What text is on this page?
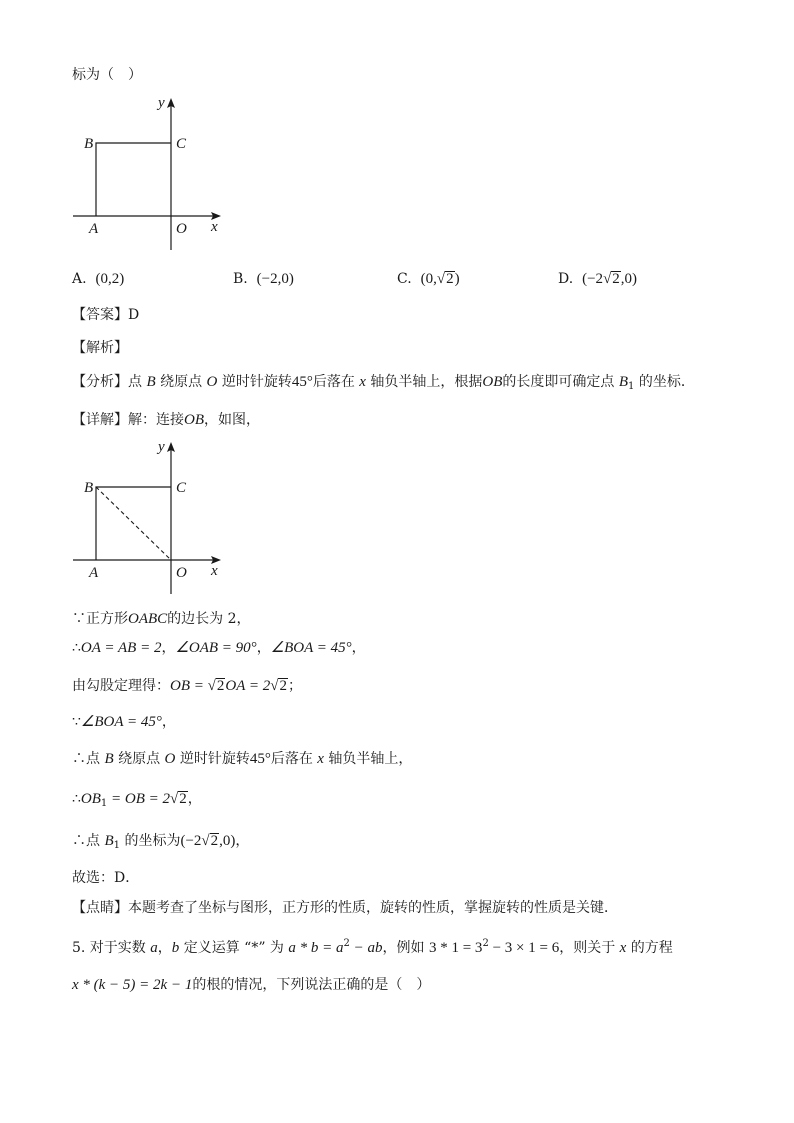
标为（　）
y
x
B	C
A	O
A. (0,2)	B. (−2,0)	C. (0,√2)	D. (−2√2,0)
【答案】D
【解析】
【分析】点 B 绕原点 O 逆时针旋转45°后落在 x 轴负半轴上，根据OB的长度即可确定点 $B_1$ 的坐标．
【详解】解：连接OB，如图，
y
x
B	C
A	O
∵正方形OABC的边长为 2，
∴OA = AB = 2，∠OAB = 90°，∠BOA = 45°，
由勾股定理得：OB = √2OA = 2√2；
∵∠BOA = 45°，
∴点 B 绕原点 O 逆时针旋转45°后落在 x 轴负半轴上，
$\therefore OB_1$ = OB = 2√2，
∴点 $B_1$ 的坐标为(−2√2,0)，
故选：D．
【点睛】本题考查了坐标与图形，正方形的性质，旋转的性质，掌握旋转的性质是关键．
5. 对于实数 a，b 定义运算 “*” 为 $a * b = a^2$ − ab，例如 $3 * 1 = 3^2 - 3 \times 1 = 6$，则关于 x 的方程
x * (k − 5) = 2k − 1的根的情况，下列说法正确的是（　）
